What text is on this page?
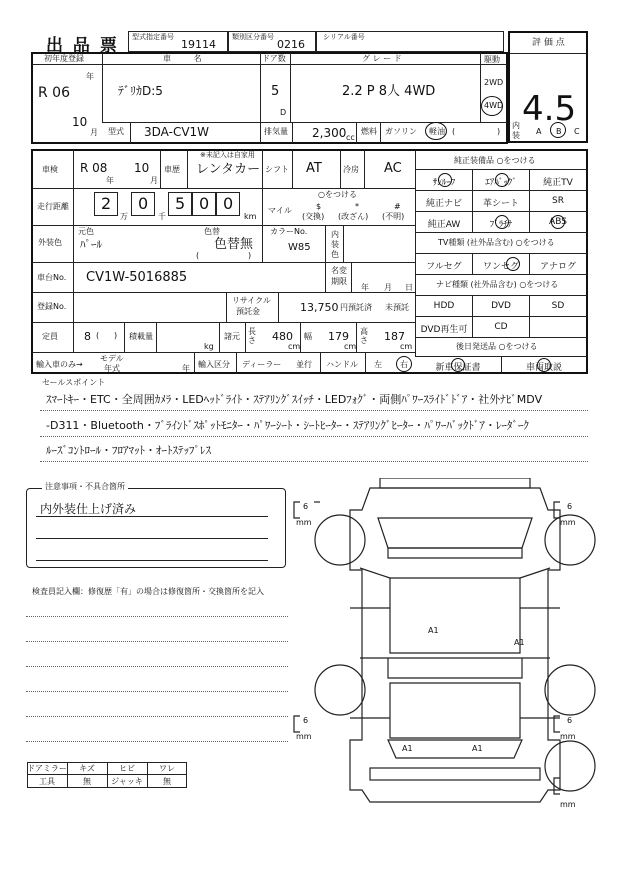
出 品 票 型式指定番号
19114
類別区分番号
0216
シリアル番号
評 価 点
4.5
初年度登録
R 06
年
10
月
車 名
ﾃﾞﾘｶD:5
ドア数
5
D
グ レ ー ド
2.2 P 8人 4WD
駆動
2WD
4WD
型式 3DA-CV1W	排気量 2,300 cc
燃料 ガソリン 軽油 (	)
内
装 A B C
車検 R 08
年
10
月
車歴
※未記入は自家用
レンタカー シフト AT	冷房 AC
走行距離 2
万
0
千
5 0 0
km
○をつける
マイル	$
(交換)
*
(改ざん)
#
(不明)
外装色
元色
ﾊﾟｰﾙ
色替
色替無
(	)
カラーNo.
W85
内
装
色
車台No. CV1W-5016885	名変
期限
年 月 日
登録No.
リサイクル
預託金	13,750 円預託済 未預託
定員 8 ( ) 積載量
kg
諸元
長さ 480
cm
幅 179
cm
高さ 187
cm
輸入車のみ→
モデル
年式	年 輸入区分 ディーラー 並行 ハンドル 左 右
純正装備品 ○をつける
ｻﾝﾙｰﾌ	ｴｱﾊﾞｯｸﾞ	純正TV
純正ナビ	革シート	SR
純正AW	ﾌﾟﾗﾁﾅ	ABS
TV種類 (社外品含む) ○をつける
フルセグ	ワンセグ	アナログ
ナビ種類 (社外品含む) ○をつける
HDD	DVD	SD
DVD再生可	CD
後日発送品 ○をつける
新車保証書	車両取説
セールスポイント
ｽﾏｰﾄｷｰ・ETC・全周囲ｶﾒﾗ・LEDﾍｯﾄﾞﾗｲﾄ・ｽﾃｱﾘﾝｸﾞｽｲｯﾁ・LEDﾌｫｸﾞ・両側ﾊﾟﾜｰｽﾗｲﾄﾞﾄﾞｱ・社外ﾅﾋﾞMDV
-D311・Bluetooth・ﾌﾞﾗｲﾝﾄﾞｽﾎﾟｯﾄﾓﾆﾀｰ・ﾊﾟﾜｰｼｰﾄ・ｼｰﾄﾋｰﾀｰ・ｽﾃｱﾘﾝｸﾞﾋｰﾀｰ・ﾊﾟﾜｰﾊﾞｯｸﾄﾞｱ・ﾚｰﾀﾞｰｸ
ﾙｰｽﾞｺﾝﾄﾛｰﾙ・ﾌﾛｱﾏｯﾄ・ｵｰﾄｽﾃｯﾌﾟﾚｽ
注意事項・不具合箇所
内外装仕上げ済み
検査員記入欄：修復歴「有」の場合は修復箇所・交換箇所を記入
ドアミラー	キズ	ヒビ	ワレ
工具	無	ジャッキ	無
6
mm
6
mm
6
mm
6
mm
mm
A1
A1
A1	A1
